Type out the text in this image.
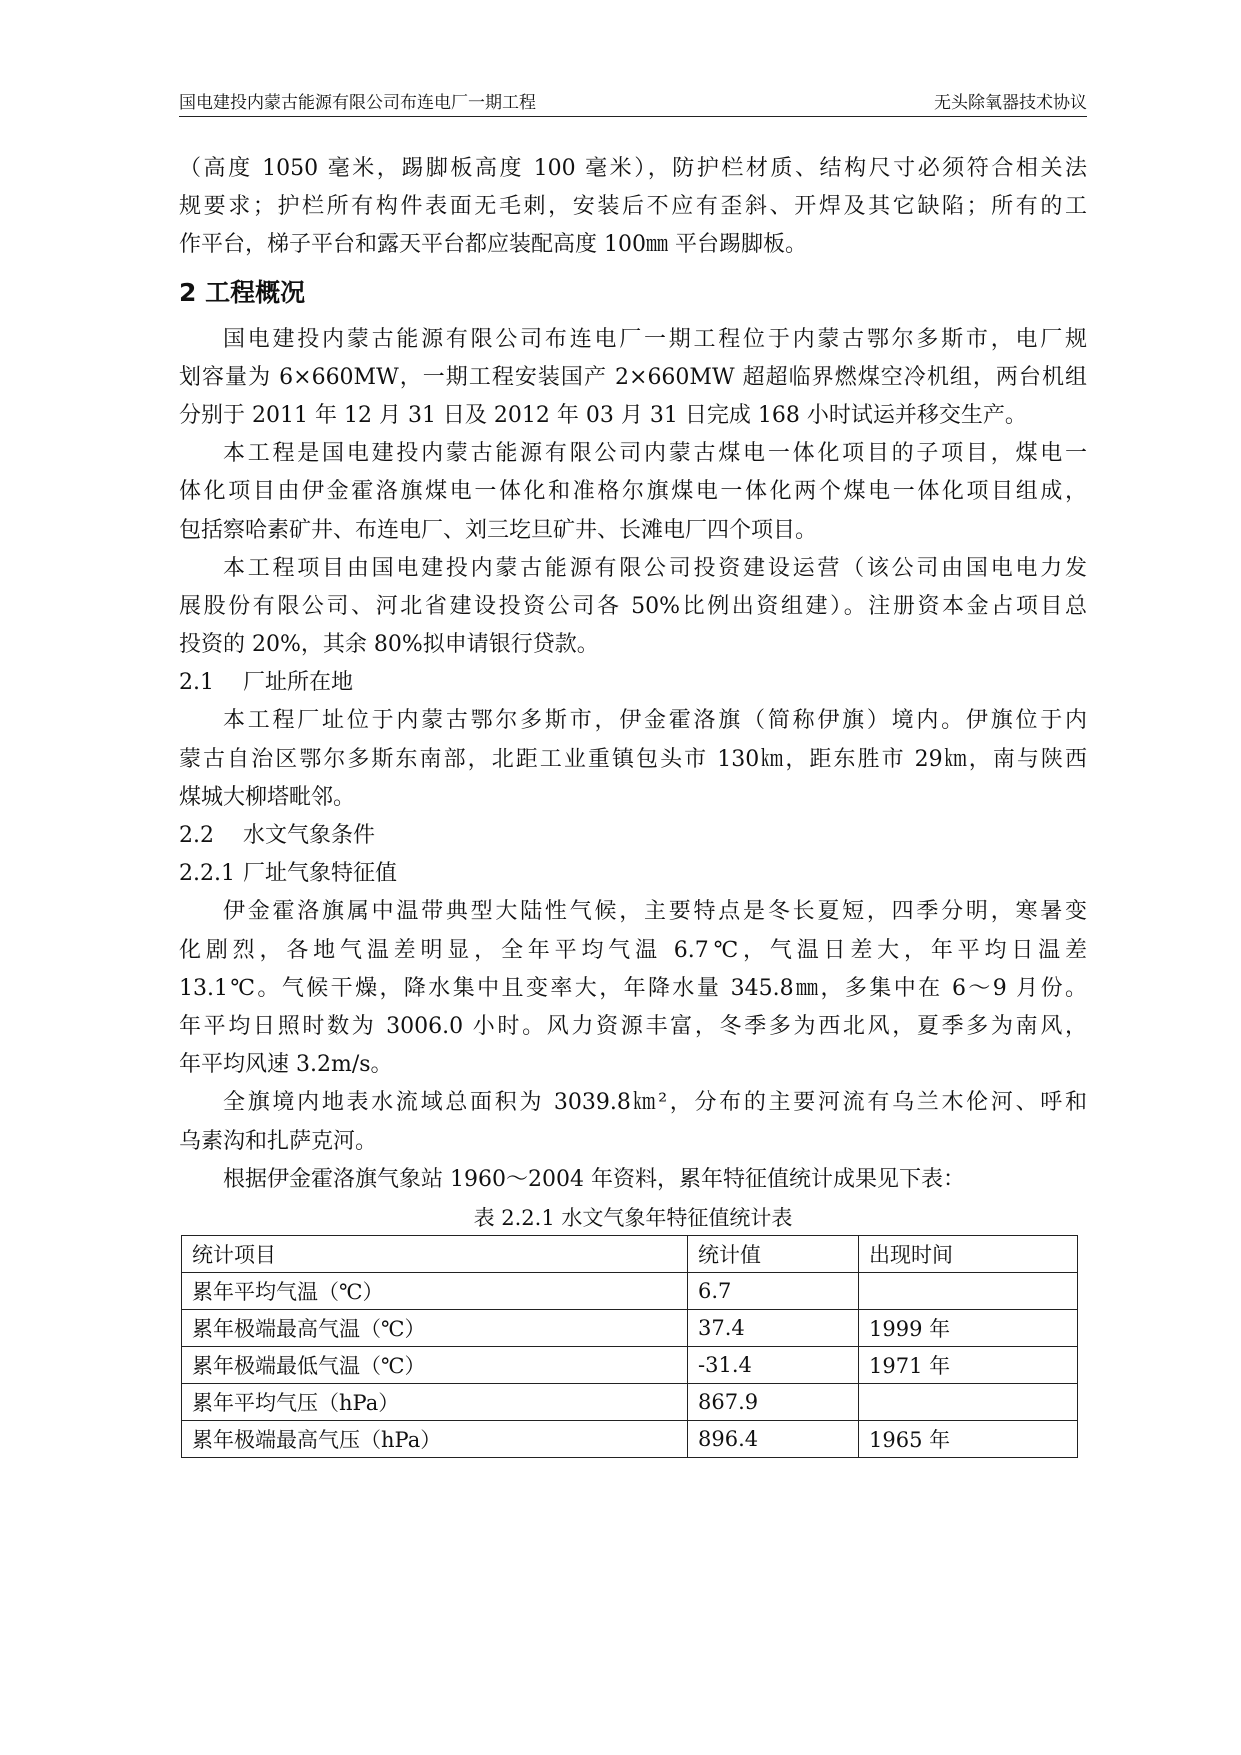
国电建投内蒙古能源有限公司布连电厂一期工程	无头除氧器技术协议
（高度 1050 毫米，踢脚板高度 100 毫米），防护栏材质、结构尺寸必须符合相关法
规要求；护栏所有构件表面无毛刺，安装后不应有歪斜、开焊及其它缺陷；所有的工
作平台，梯子平台和露天平台都应装配高度 100㎜ 平台踢脚板。
2 工程概况
国电建投内蒙古能源有限公司布连电厂一期工程位于内蒙古鄂尔多斯市，电厂规
划容量为 6×660MW，一期工程安装国产 2×660MW 超超临界燃煤空冷机组，两台机组
分别于 2011 年 12 月 31 日及 2012 年 03 月 31 日完成 168 小时试运并移交生产。
本工程是国电建投内蒙古能源有限公司内蒙古煤电一体化项目的子项目，煤电一
体化项目由伊金霍洛旗煤电一体化和准格尔旗煤电一体化两个煤电一体化项目组成，
包括察哈素矿井、布连电厂、刘三圪旦矿井、长滩电厂四个项目。
本工程项目由国电建投内蒙古能源有限公司投资建设运营（该公司由国电电力发
展股份有限公司、河北省建设投资公司各 50%比例出资组建）。注册资本金占项目总
投资的 20%，其余 80%拟申请银行贷款。
2.1 厂址所在地
本工程厂址位于内蒙古鄂尔多斯市，伊金霍洛旗（简称伊旗）境内。伊旗位于内
蒙古自治区鄂尔多斯东南部，北距工业重镇包头市 130㎞，距东胜市 29㎞，南与陕西
煤城大柳塔毗邻。
2.2 水文气象条件
2.2.1 厂址气象特征值
伊金霍洛旗属中温带典型大陆性气候，主要特点是冬长夏短，四季分明，寒暑变
化剧烈，各地气温差明显，全年平均气温 6.7℃，气温日差大，年平均日温差
13.1℃。气候干燥，降水集中且变率大，年降水量 345.8㎜，多集中在 6～9 月份。
年平均日照时数为 3006.0 小时。风力资源丰富，冬季多为西北风，夏季多为南风，
年平均风速 3.2m/s。
全旗境内地表水流域总面积为 3039.8㎞²，分布的主要河流有乌兰木伦河、呼和
乌素沟和扎萨克河。
根据伊金霍洛旗气象站 1960～2004 年资料，累年特征值统计成果见下表：
表 2.2.1 水文气象年特征值统计表
统计项目	统计值	出现时间
累年平均气温（℃）	6.7	
累年极端最高气温（℃）	37.4	1999 年
累年极端最低气温（℃）	-31.4	1971 年
累年平均气压（hPa）	867.9	
累年极端最高气压（hPa）	896.4	1965 年
